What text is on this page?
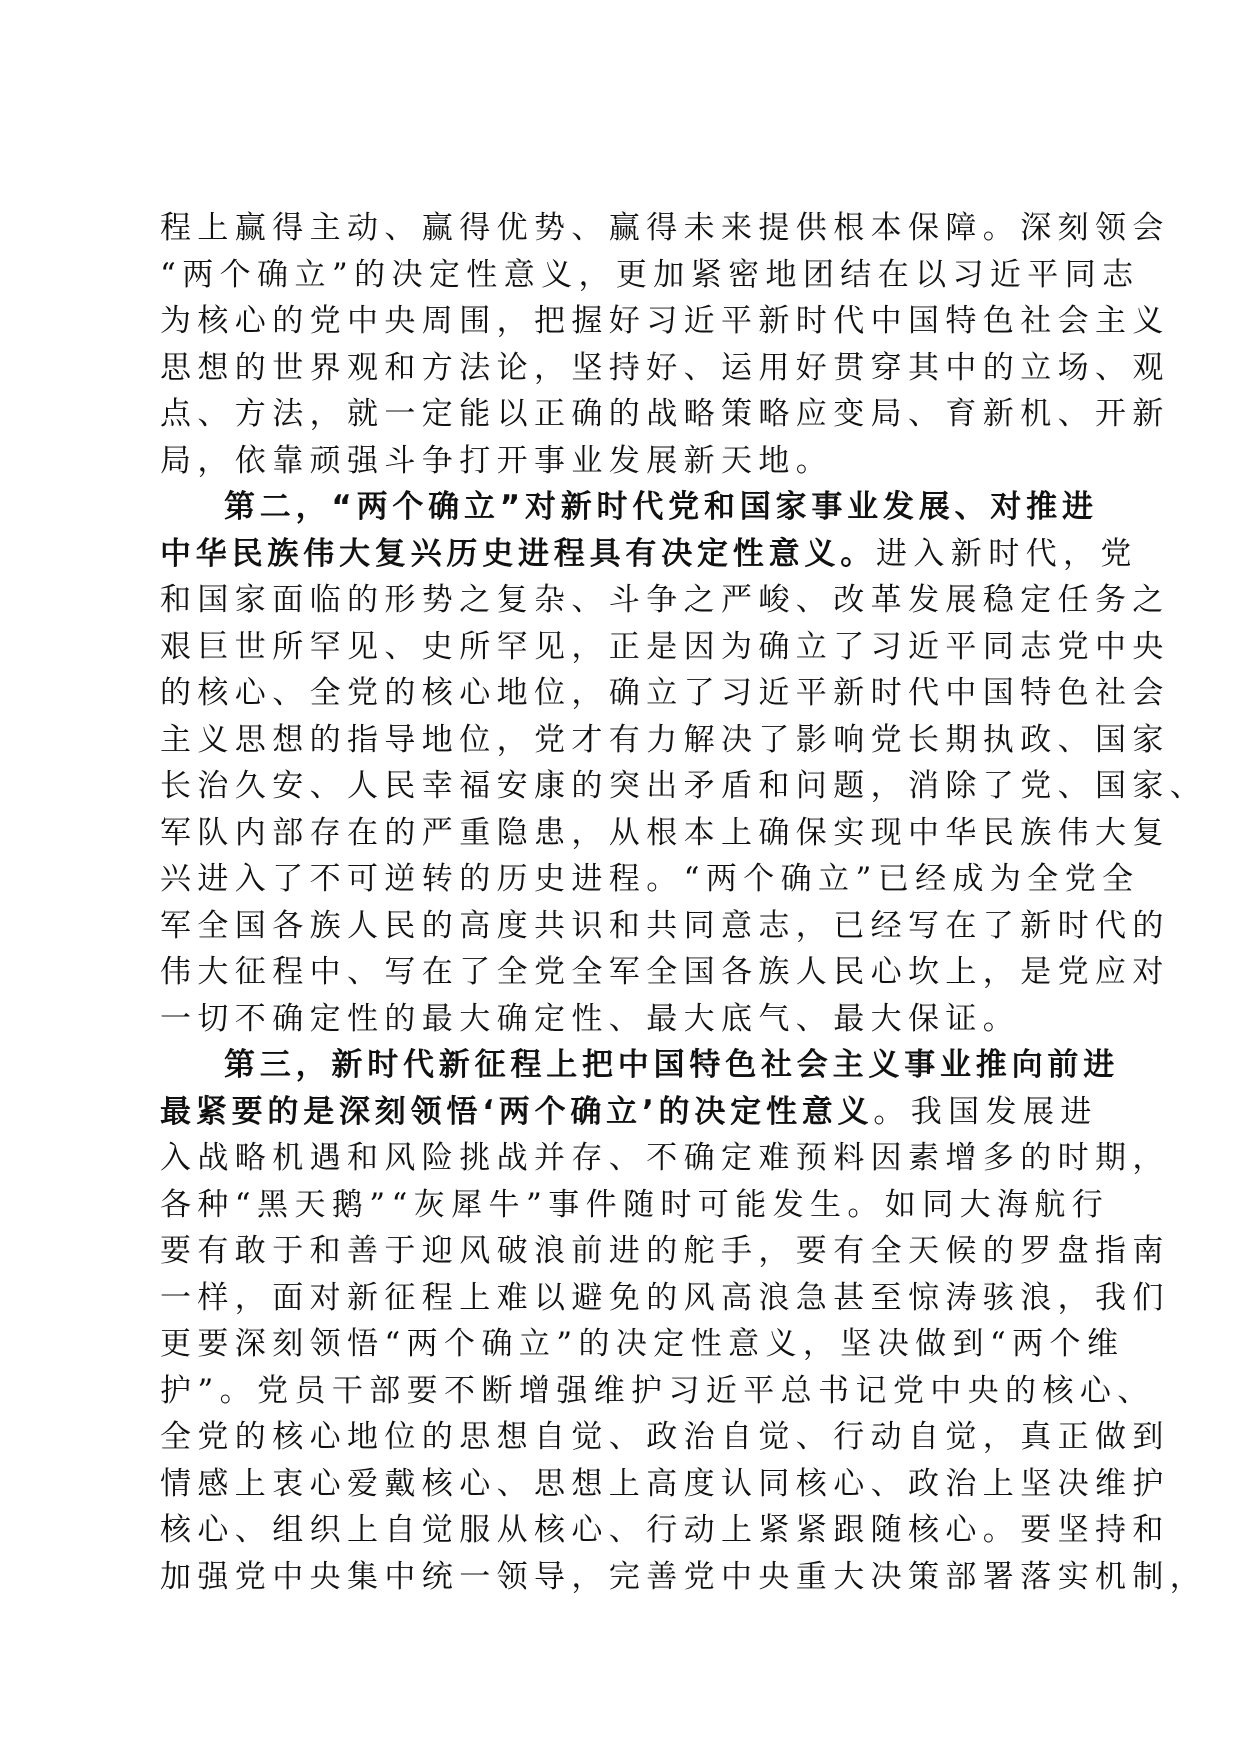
程上赢得主动、赢得优势、赢得未来提供根本保障。深刻领会
“两个确立”的决定性意义，更加紧密地团结在以习近平同志
为核心的党中央周围，把握好习近平新时代中国特色社会主义
思想的世界观和方法论，坚持好、运用好贯穿其中的立场、观
点、方法，就一定能以正确的战略策略应变局、育新机、开新
局，依靠顽强斗争打开事业发展新天地。
第二，“两个确立”对新时代党和国家事业发展、对推进
中华民族伟大复兴历史进程具有决定性意义。进入新时代，党
和国家面临的形势之复杂、斗争之严峻、改革发展稳定任务之
艰巨世所罕见、史所罕见，正是因为确立了习近平同志党中央
的核心、全党的核心地位，确立了习近平新时代中国特色社会
主义思想的指导地位，党才有力解决了影响党长期执政、国家
长治久安、人民幸福安康的突出矛盾和问题，消除了党、国家、
军队内部存在的严重隐患，从根本上确保实现中华民族伟大复
兴进入了不可逆转的历史进程。“两个确立”已经成为全党全
军全国各族人民的高度共识和共同意志，已经写在了新时代的
伟大征程中、写在了全党全军全国各族人民心坎上，是党应对
一切不确定性的最大确定性、最大底气、最大保证。
第三，新时代新征程上把中国特色社会主义事业推向前进
最紧要的是深刻领悟‘两个确立’的决定性意义。我国发展进
入战略机遇和风险挑战并存、不确定难预料因素增多的时期，
各种“黑天鹅”“灰犀牛”事件随时可能发生。如同大海航行
要有敢于和善于迎风破浪前进的舵手，要有全天候的罗盘指南
一样，面对新征程上难以避免的风高浪急甚至惊涛骇浪，我们
更要深刻领悟“两个确立”的决定性意义，坚决做到“两个维
护”。党员干部要不断增强维护习近平总书记党中央的核心、
全党的核心地位的思想自觉、政治自觉、行动自觉，真正做到
情感上衷心爱戴核心、思想上高度认同核心、政治上坚决维护
核心、组织上自觉服从核心、行动上紧紧跟随核心。要坚持和
加强党中央集中统一领导，完善党中央重大决策部署落实机制，
